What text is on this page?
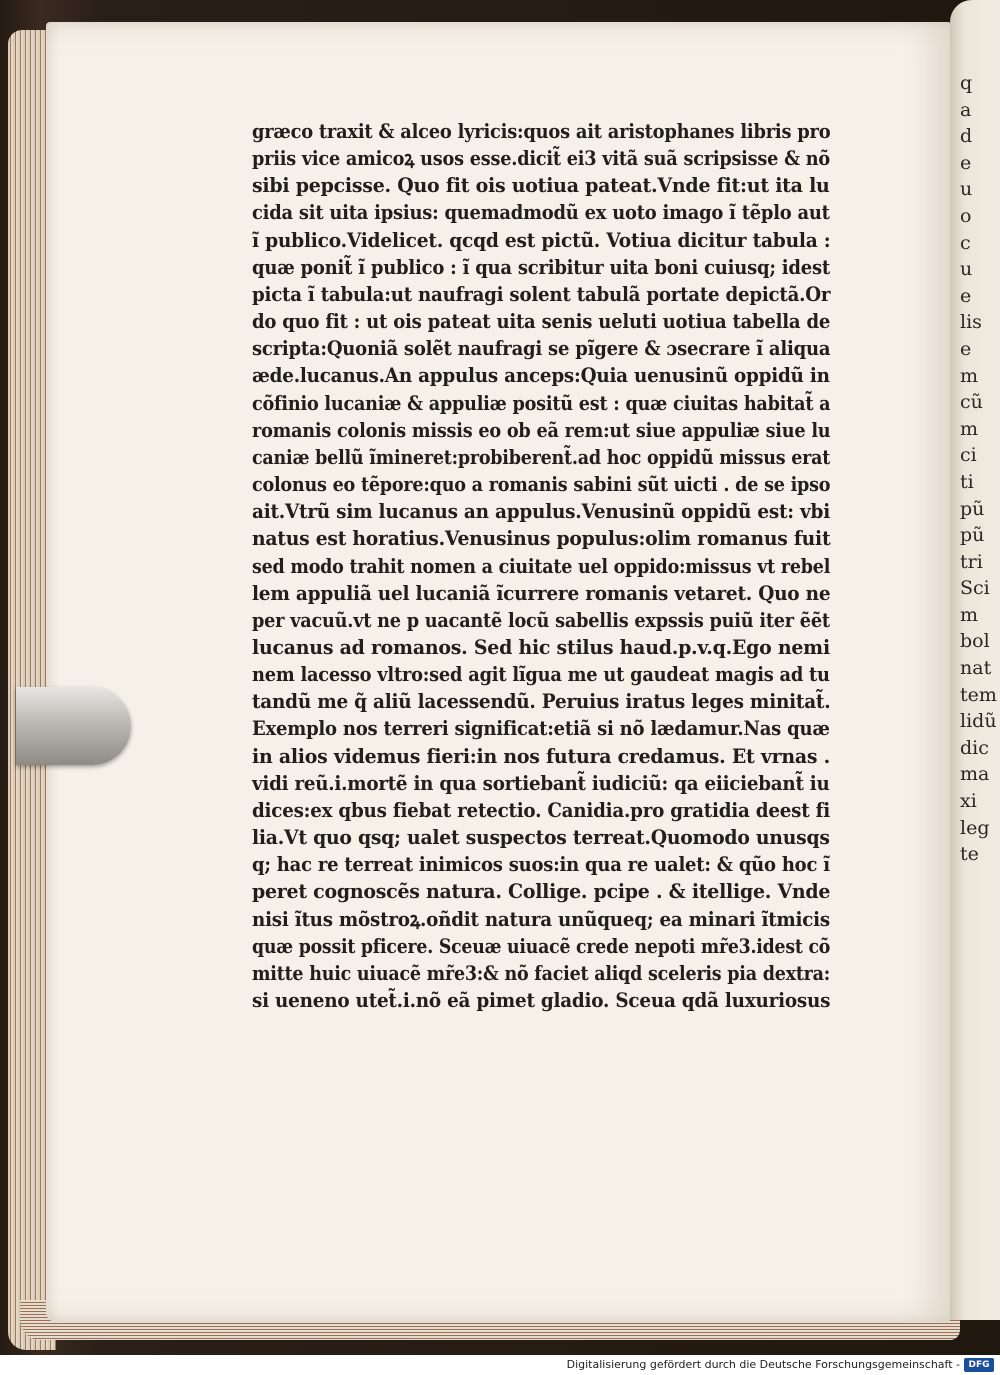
q
a
d
e
u
o
c
u
e
lis
e
m
cũ
m
ci
ti
pũ
pũ
tri
Sci
m
bol
nat
tem
lidũ
dic
ma
xi
leg
te
græco traxit & alceo lyricis:quos ait aristophanes libris pro
priis vice amicoꝝ usos esse.dicit̃ ei3 vitã suã scripsisse & nõ
sibi pepcisse. Quo fit ois uotiua pateat.Vnde fit:ut ita lu
cida sit uita ipsius: quemadmodũ ex uoto imago ĩ tẽplo aut
ĩ publico.Videlicet. qcqd est pictũ. Votiua dicitur tabula :
quæ ponit̃ ĩ publico : ĩ qua scribitur uita boni cuiusq; idest
picta ĩ tabula:ut naufragi solent tabulã portate depictã.Or
do quo fit : ut ois pateat uita senis ueluti uotiua tabella de
scripta:Quoniã solẽt naufragi se pĩgere & ɔsecrare ĩ aliqua
æde.lucanus.An appulus anceps:Quia uenusinũ oppidũ in
cõfinio lucaniæ & appuliæ positũ est : quæ ciuitas habitat̃ a
romanis colonis missis eo ob eã rem:ut siue appuliæ siue lu
caniæ bellũ ĩmineret:probiberent̃.ad hoc oppidũ missus erat
colonus eo tẽpore:quo a romanis sabini sũt uicti . de se ipso
ait.Vtrũ sim lucanus an appulus.Venusinũ oppidũ est: vbi
natus est horatius.Venusinus populus:olim romanus fuit
sed modo trahit nomen a ciuitate uel oppido:missus vt rebel
lem appuliã uel lucaniã ĩcurrere romanis vetaret. Quo ne
per vacuũ.vt ne p uacantẽ locũ sabellis expssis puiũ iter ẽẽt
lucanus ad romanos. Sed hic stilus haud.p.v.q.Ego nemi
nem lacesso vltro:sed agit lĩgua me ut gaudeat magis ad tu
tandũ me q̃ aliũ lacessendũ. Peruius iratus leges minitat̃.
Exemplo nos terreri significat:etiã si nõ lædamur.Nas quæ
in alios videmus fieri:in nos futura credamus. Et vrnas .
vidi reũ.i.mortẽ in qua sortiebant̃ iudiciũ: qa eiiciebant̃ iu
dices:ex qbus fiebat retectio. Canidia.pro gratidia deest fi
lia.Vt quo qsq; ualet suspectos terreat.Quomodo unusqs
q; hac re terreat inimicos suos:in qua re ualet: & qũo hoc ĩ
peret cognoscẽs natura. Collige. pcipe . & itellige. Vnde
nisi ĩtus mõstroꝝ.oñdit natura unũqueq; ea minari ĩtmicis
quæ possit pficere. Sceuæ uiuacẽ crede nepoti mr̃e3.idest cõ
mitte huic uiuacẽ mr̃e3:& nõ faciet aliqd sceleris pia dextra:
si ueneno utet̃.i.nõ eã pimet gladio. Sceua qdã luxuriosus
Digitalisierung gefördert durch die Deutsche Forschungsgemeinschaft - DFG
